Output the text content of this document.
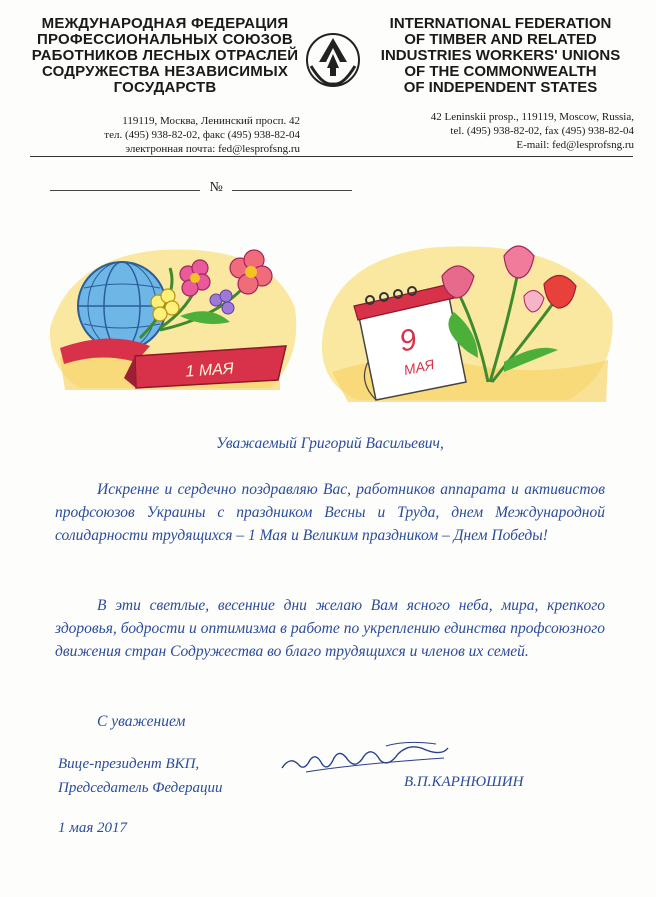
МЕЖДУНАРОДНАЯ ФЕДЕРАЦИЯ
ПРОФЕССИОНАЛЬНЫХ СОЮЗОВ
РАБОТНИКОВ ЛЕСНЫХ ОТРАСЛЕЙ
СОДРУЖЕСТВА НЕЗАВИСИМЫХ
ГОСУДАРСТВ
INTERNATIONAL FEDERATION
OF TIMBER AND RELATED
INDUSTRIES WORKERS' UNIONS
OF THE COMMONWEALTH
OF INDEPENDENT STATES
119119, Москва, Ленинский просп. 42
тел. (495) 938-82-02, факс (495) 938-82-04
электронная почта: fed@lesprofsng.ru
42 Leninskii prosp., 119119, Moscow, Russia,
tel. (495) 938-82-02, fax (495) 938-82-04
E-mail: fed@lesprofsng.ru
№
1 МАЯ
9
МАЯ
Уважаемый Григорий Васильевич,

Искренне и сердечно поздравляю Вас, работников аппарата и активистов профсоюзов Украины с праздником Весны и Труда, днем Международной солидарности трудящихся – 1 Мая и Великим праздником – Днем Победы!

В эти светлые, весенние дни желаю Вам ясного неба, мира, крепкого здоровья, бодрости и оптимизма в работе по укреплению единства профсоюзного движения стран Содружества во благо трудящихся и членов их семей.

С уважением
Вице-президент ВКП,
Председатель Федерации	В.П.КАРНЮШИН
1 мая 2017
